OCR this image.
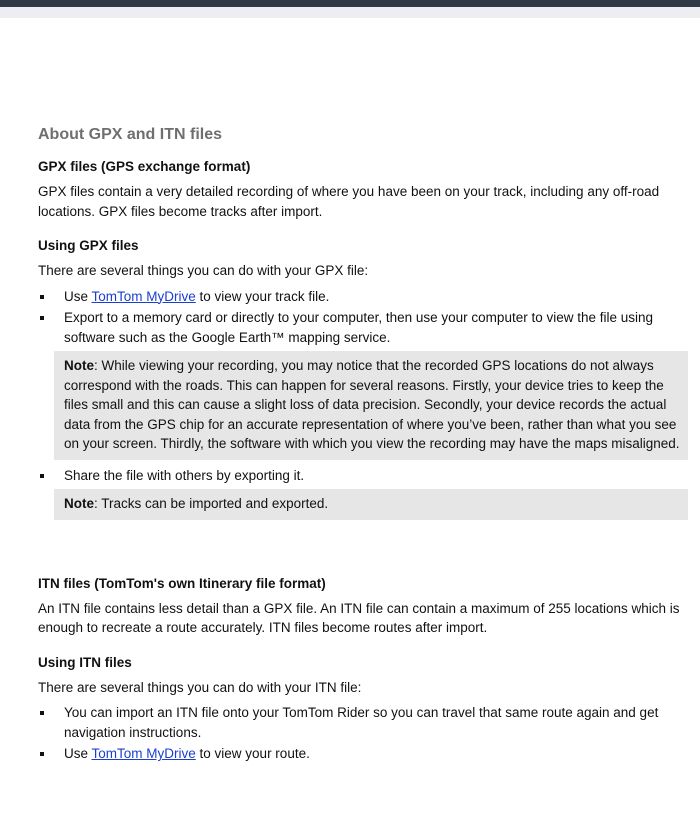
About GPX and ITN files
GPX files (GPS exchange format)

GPX files contain a very detailed recording of where you have been on your track, including any off-road locations. GPX files become tracks after import.

Using GPX files

There are several things you can do with your GPX file:

Use TomTom MyDrive to view your track file.
Export to a memory card or directly to your computer, then use your computer to view the file using software such as the Google Earth™ mapping service.
Note: While viewing your recording, you may notice that the recorded GPS locations do not always correspond with the roads. This can happen for several reasons. Firstly, your device tries to keep the files small and this can cause a slight loss of data precision. Secondly, your device records the actual data from the GPS chip for an accurate representation of where you’ve been, rather than what you see on your screen. Thirdly, the software with which you view the recording may have the maps misaligned.
Share the file with others by exporting it.
Note: Tracks can be imported and exported.
ITN files (TomTom's own Itinerary file format)

An ITN file contains less detail than a GPX file. An ITN file can contain a maximum of 255 locations which is enough to recreate a route accurately. ITN files become routes after import.

Using ITN files

There are several things you can do with your ITN file:

You can import an ITN file onto your TomTom Rider so you can travel that same route again and get navigation instructions.
Use TomTom MyDrive to view your route.
